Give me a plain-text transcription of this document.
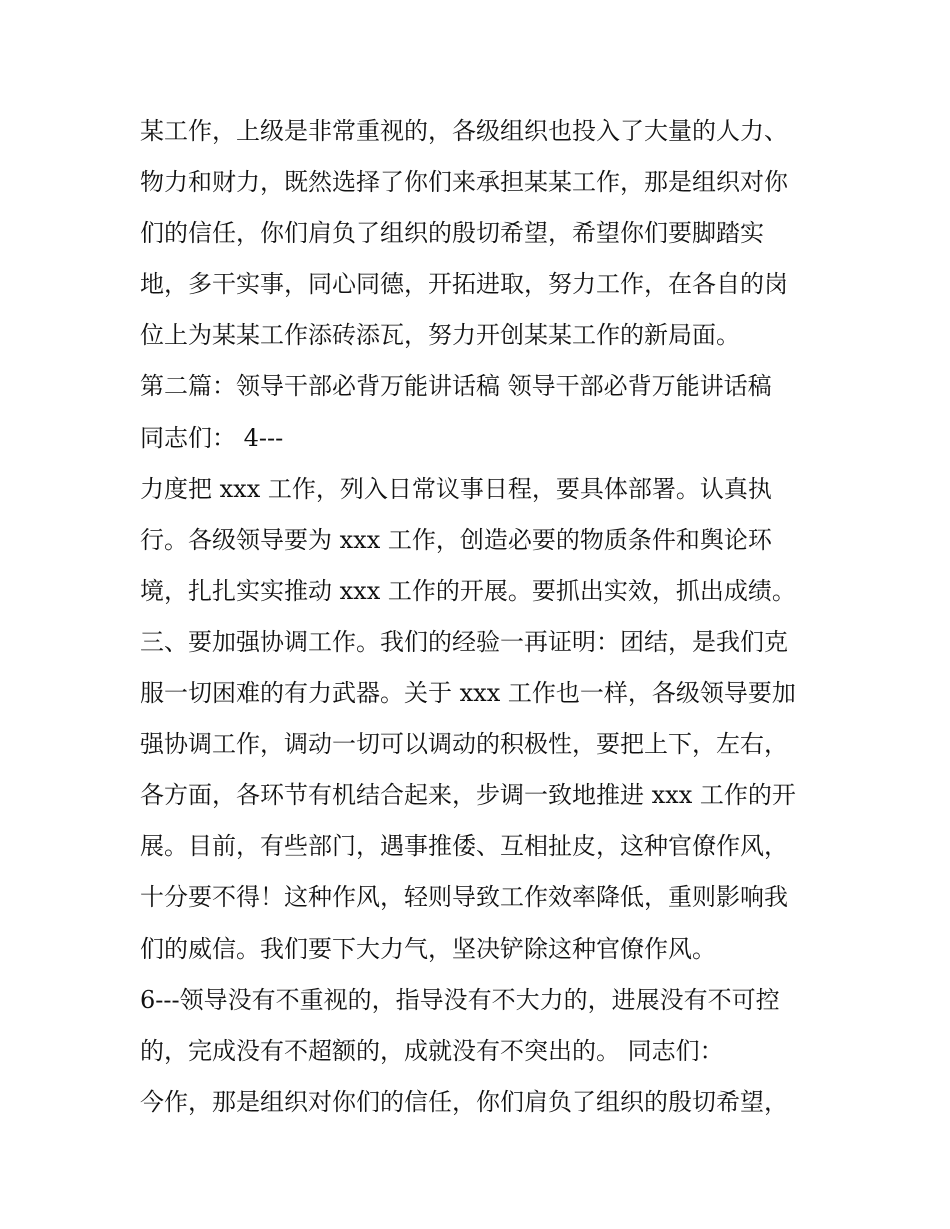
某工作，上级是非常重视的，各级组织也投入了大量的人力、
物力和财力，既然选择了你们来承担某某工作，那是组织对你
们的信任，你们肩负了组织的殷切希望，希望你们要脚踏实
地，多干实事，同心同德，开拓进取，努力工作，在各自的岗
位上为某某工作添砖添瓦，努力开创某某工作的新局面。
第二篇：领导干部必背万能讲话稿 领导干部必背万能讲话稿
同志们： 4---
力度把 xxx 工作，列入日常议事日程，要具体部署。认真执
行。各级领导要为 xxx 工作，创造必要的物质条件和舆论环
境，扎扎实实推动 xxx 工作的开展。要抓出实效，抓出成绩。
三、要加强协调工作。我们的经验一再证明：团结，是我们克
服一切困难的有力武器。关于 xxx 工作也一样，各级领导要加
强协调工作，调动一切可以调动的积极性，要把上下，左右，
各方面，各环节有机结合起来，步调一致地推进 xxx 工作的开
展。目前，有些部门，遇事推倭、互相扯皮，这种官僚作风，
十分要不得！这种作风，轻则导致工作效率降低，重则影响我
们的威信。我们要下大力气，坚决铲除这种官僚作风。
6---领导没有不重视的，指导没有不大力的，进展没有不可控
的，完成没有不超额的，成就没有不突出的。 同志们：
今作，那是组织对你们的信任，你们肩负了组织的殷切希望，
